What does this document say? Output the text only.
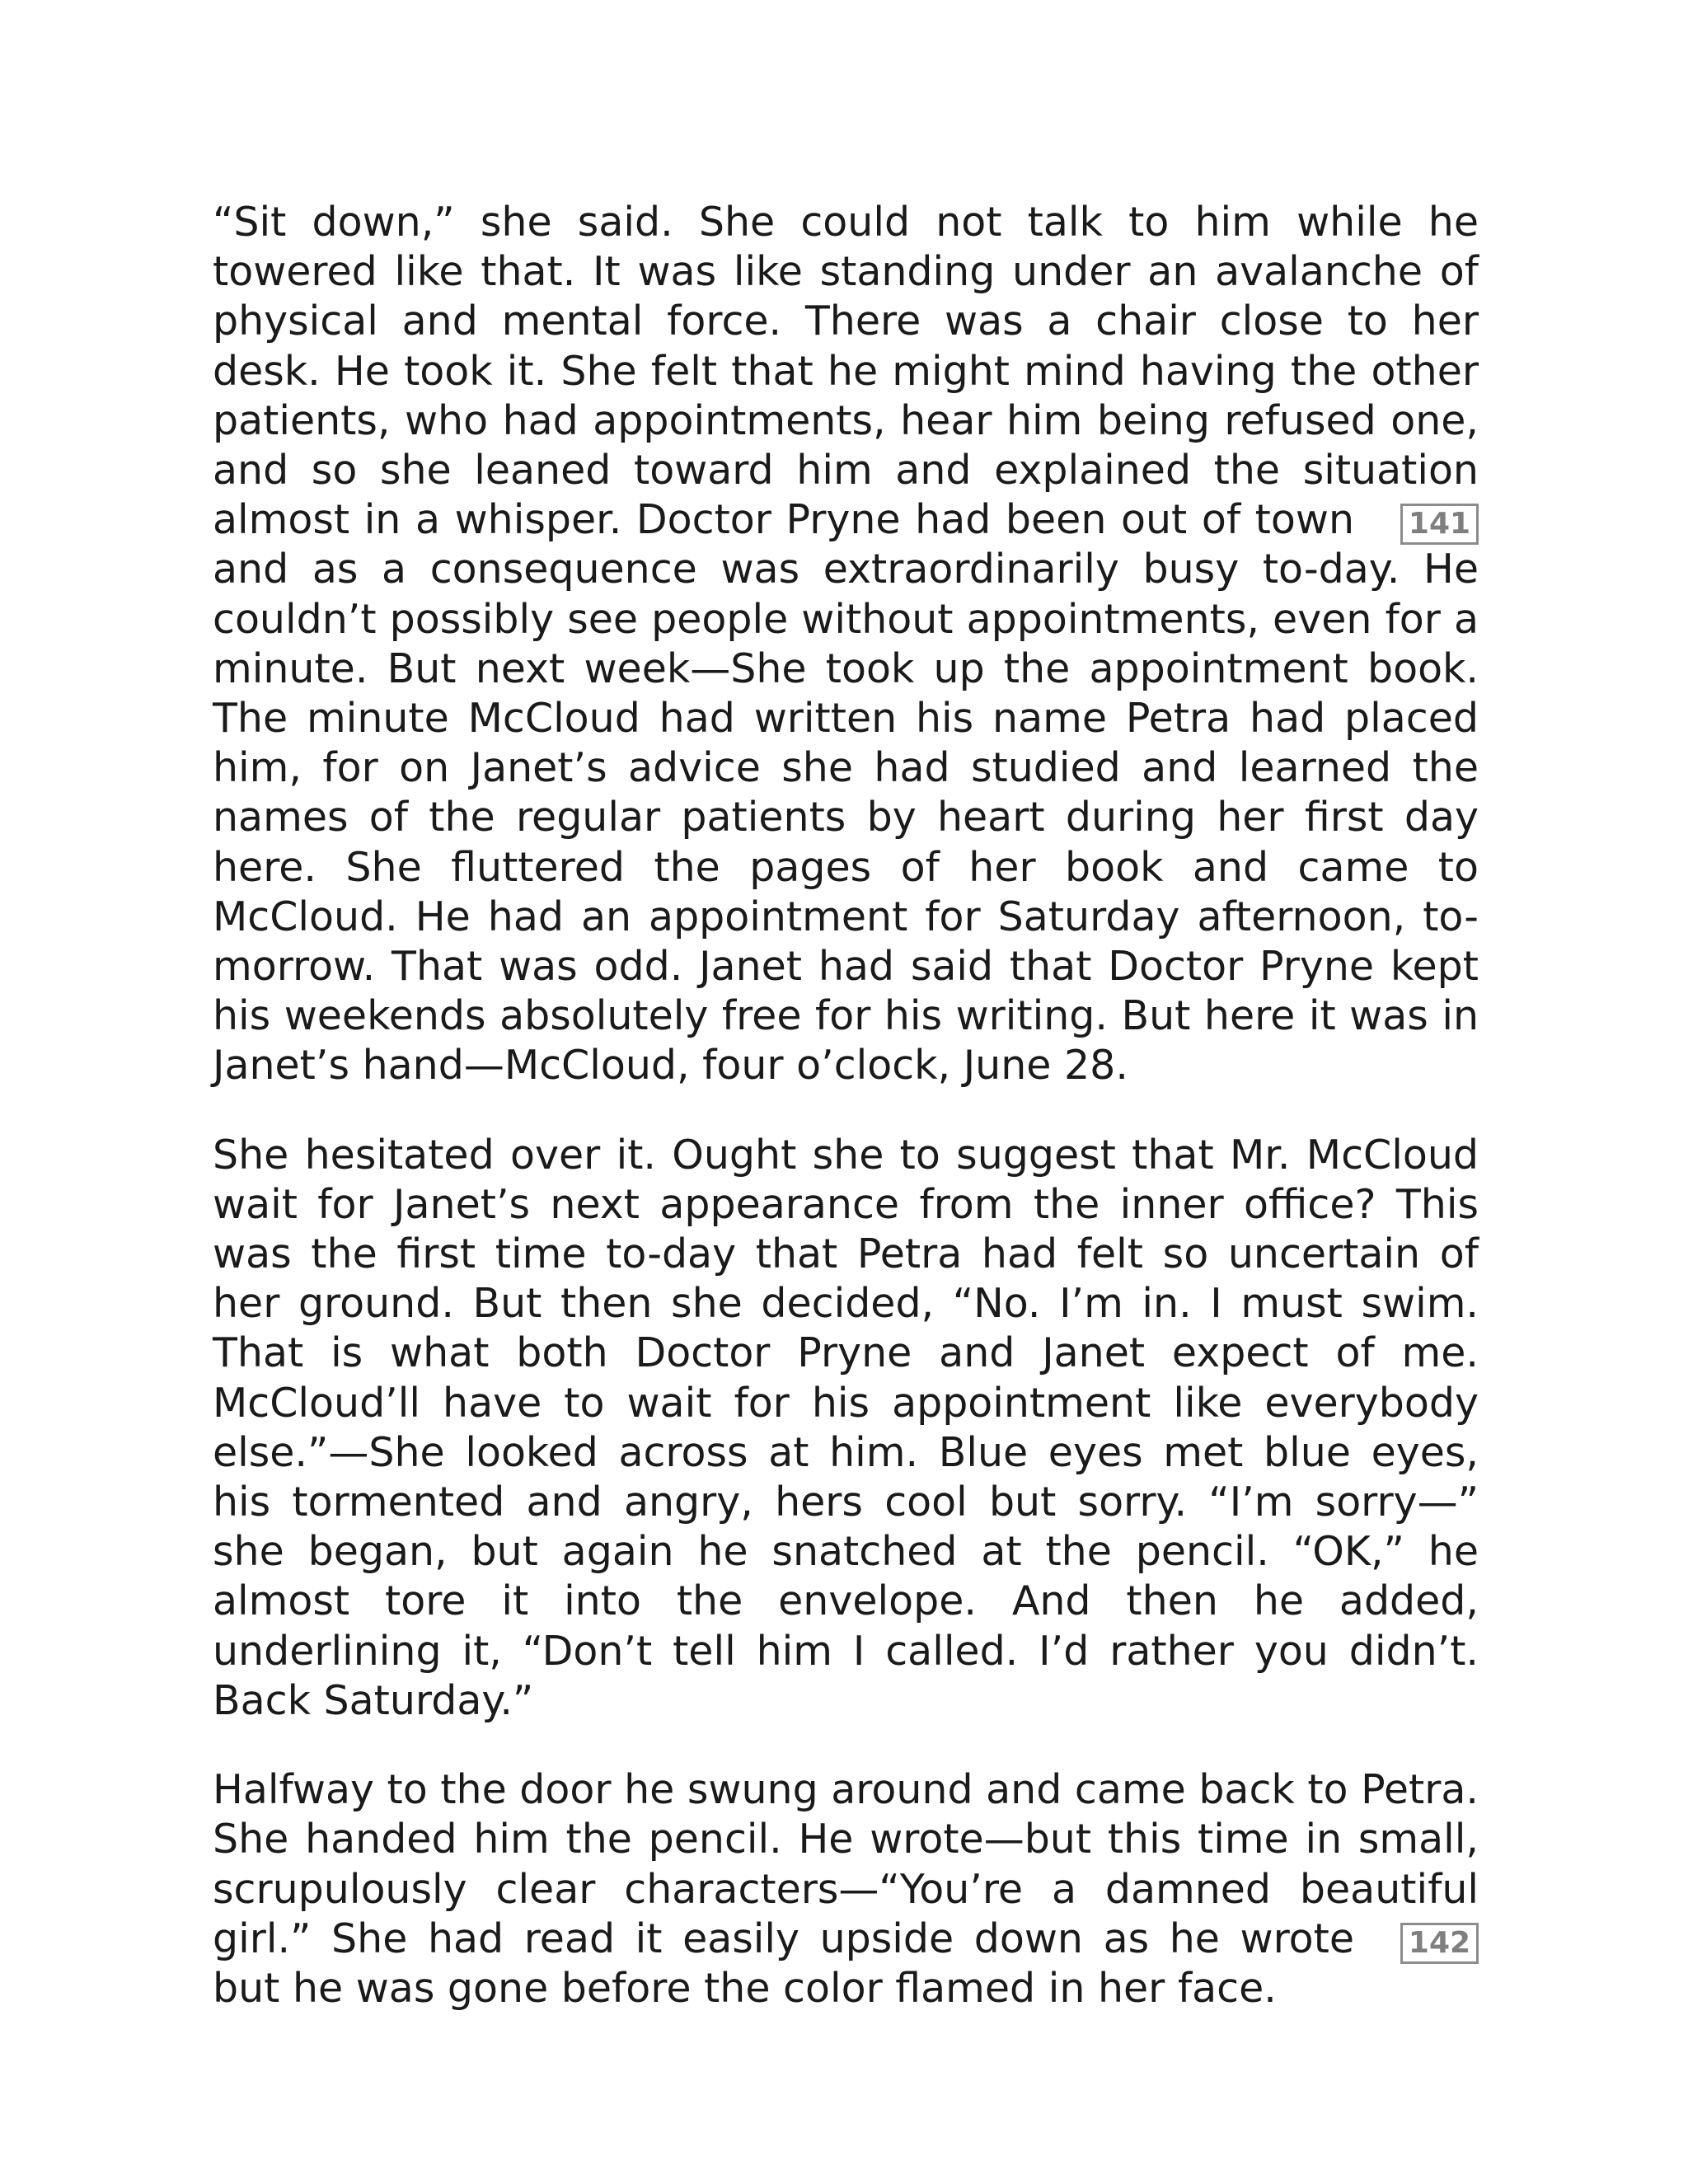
“Sit down,” she said. She could not talk to him while he towered like that. It was like standing under an avalanche of physical and mental force. There was a chair close to her desk. He took it. She felt that he might mind having the other patients, who had appointments, hear him being refused one, and so she leaned toward him and explained the situation almost in a whisper. Doctor Pryne had been	141
out of town and as a consequence was extraordinarily busy to-day. He couldn’t possibly see people without appointments, even for a minute. But next week—She took up the appointment book. The minute McCloud had written his name Petra had placed him, for on Janet’s advice she had studied and learned the names of the regular patients by heart during her first day here. She fluttered the pages of her book and came to McCloud. He had an appointment for Saturday afternoon, to-morrow. That was odd. Janet had said that Doctor Pryne kept his weekends absolutely free for his writing. But here it was in Janet’s hand—McCloud, four o’clock, June 28.

She hesitated over it. Ought she to suggest that Mr. McCloud wait for Janet’s next appearance from the inner office? This was the first time to-day that Petra had felt so uncertain of her ground. But then she decided, “No. I’m in. I must swim. That is what both Doctor Pryne and Janet expect of me. McCloud’ll have to wait for his appointment like everybody else.”—She looked across at him. Blue eyes met blue eyes, his tormented and angry, hers cool but sorry. “I’m sorry—” she began, but again he snatched at the pencil. “OK,” he almost tore it into the envelope. And then he added, underlining it, “Don’t tell him I called. I’d rather you didn’t. Back Saturday.”

Halfway to the door he swung around and came back to Petra. She handed him the pencil. He wrote—but this time in small, scrupulously clear characters—“You’re a damned beautiful girl.” She	142
had read it easily upside down as he wrote but he was gone before the color flamed in her face.
